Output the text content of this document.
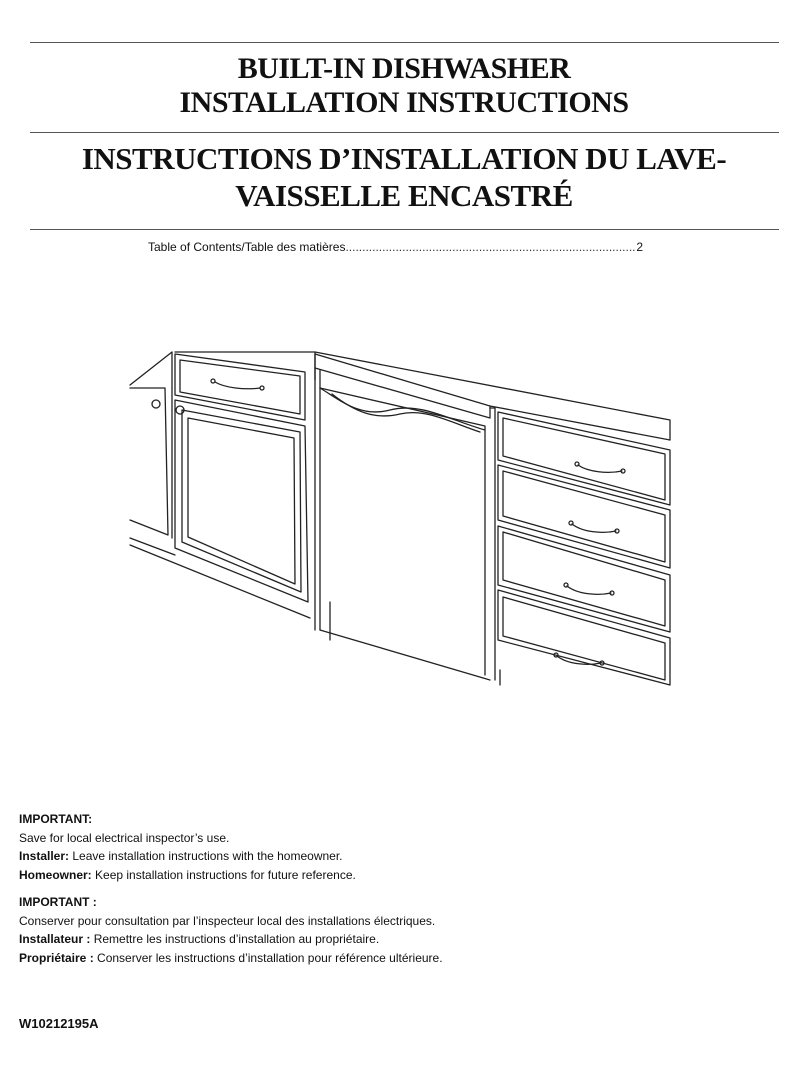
BUILT-IN DISHWASHER
INSTALLATION INSTRUCTIONS
INSTRUCTIONS D’INSTALLATION DU LAVE-
VAISSELLE ENCASTRÉ
Table of Contents/Table des matières
.....	2

IMPORTANT:

Save for local electrical inspector’s use.

Installer: Leave installation instructions with the homeowner.

Homeowner: Keep installation instructions for future reference.

IMPORTANT :

Conserver pour consultation par l’inspecteur local des installations électriques.

Installateur : Remettre les instructions d’installation au propriétaire.

Propriétaire : Conserver les instructions d’installation pour référence ultérieure.

W10212195A
